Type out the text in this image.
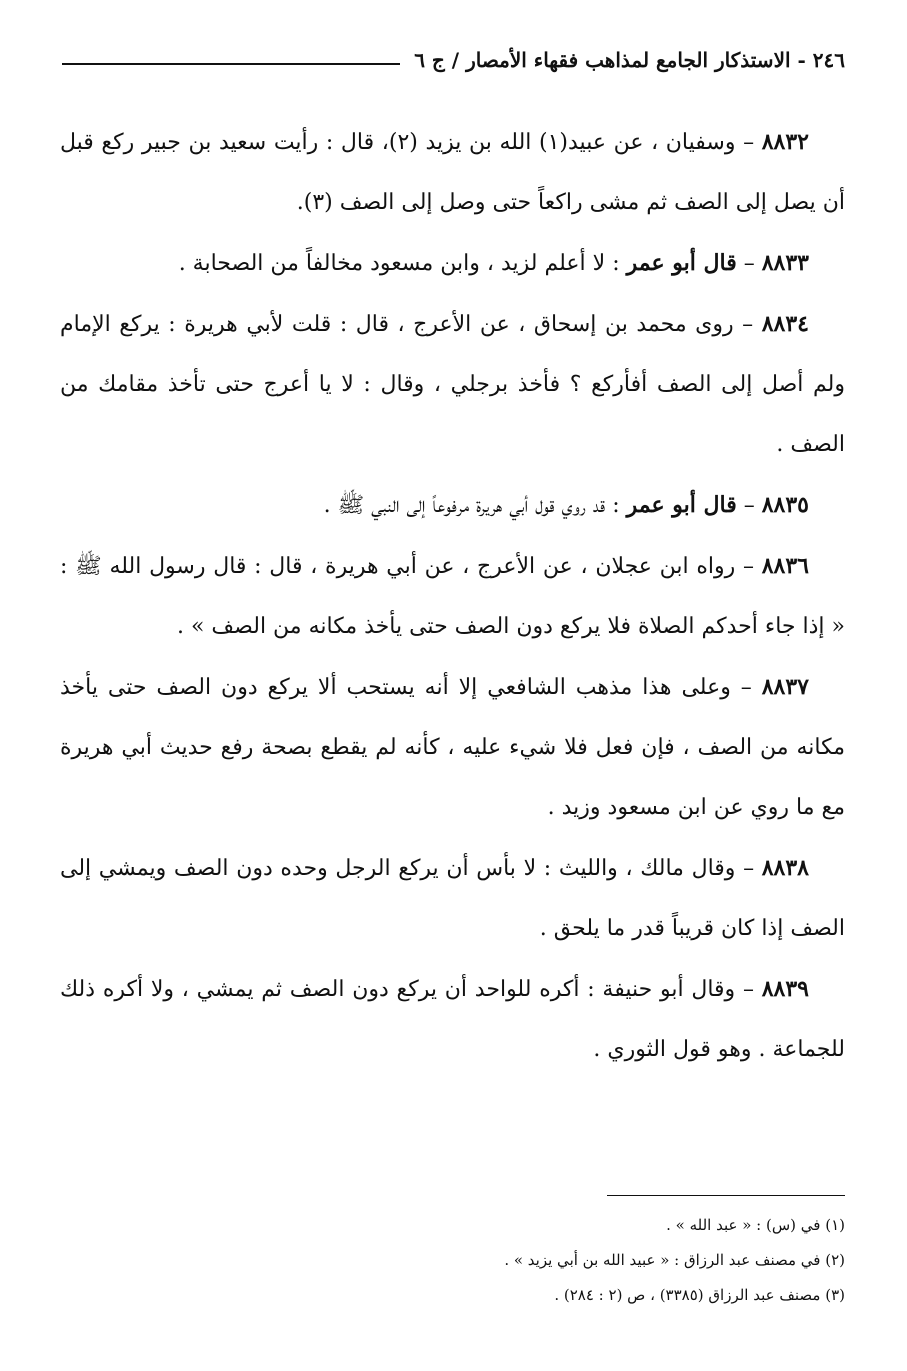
٢٤٦ - الاستذكار الجامع لمذاهب فقهاء الأمصار / ج ٦

٨٨٣٢ – وسفيان ، عن عبيد(١) الله بن يزيد (٢)، قال : رأيت سعيد بن جبير ركع قبل أن يصل إلى الصف ثم مشى راكعاً حتى وصل إلى الصف (٣).

٨٨٣٣ – قال أبو عمر : لا أعلم لزيد ، وابن مسعود مخالفاً من الصحابة .

٨٨٣٤ – روى محمد بن إسحاق ، عن الأعرج ، قال : قلت لأبي هريرة : يركع الإمام ولم أصل إلى الصف أفأركع ؟ فأخذ برجلي ، وقال : لا يا أعرج حتى تأخذ مقامك من الصف .

٨٨٣٥ – قال أبو عمر : قد روي قول أبي هريرة مرفوعاً إلى النبي ﷺ .

٨٨٣٦ – رواه ابن عجلان ، عن الأعرج ، عن أبي هريرة ، قال : قال رسول الله ﷺ : « إذا جاء أحدكم الصلاة فلا يركع دون الصف حتى يأخذ مكانه من الصف » .

٨٨٣٧ – وعلى هذا مذهب الشافعي إلا أنه يستحب ألا يركع دون الصف حتى يأخذ مكانه من الصف ، فإن فعل فلا شيء عليه ، كأنه لم يقطع بصحة رفع حديث أبي هريرة مع ما روي عن ابن مسعود وزيد .

٨٨٣٨ – وقال مالك ، والليث : لا بأس أن يركع الرجل وحده دون الصف ويمشي إلى الصف إذا كان قريباً قدر ما يلحق .

٨٨٣٩ – وقال أبو حنيفة : أكره للواحد أن يركع دون الصف ثم يمشي ، ولا أكره ذلك للجماعة . وهو قول الثوري .

(١) في (س) : « عبد الله » .

(٢) في مصنف عبد الرزاق : « عبيد الله بن أبي يزيد » .

(٣) مصنف عبد الرزاق (٣٣٨٥) ، ص (٢ : ٢٨٤) .
